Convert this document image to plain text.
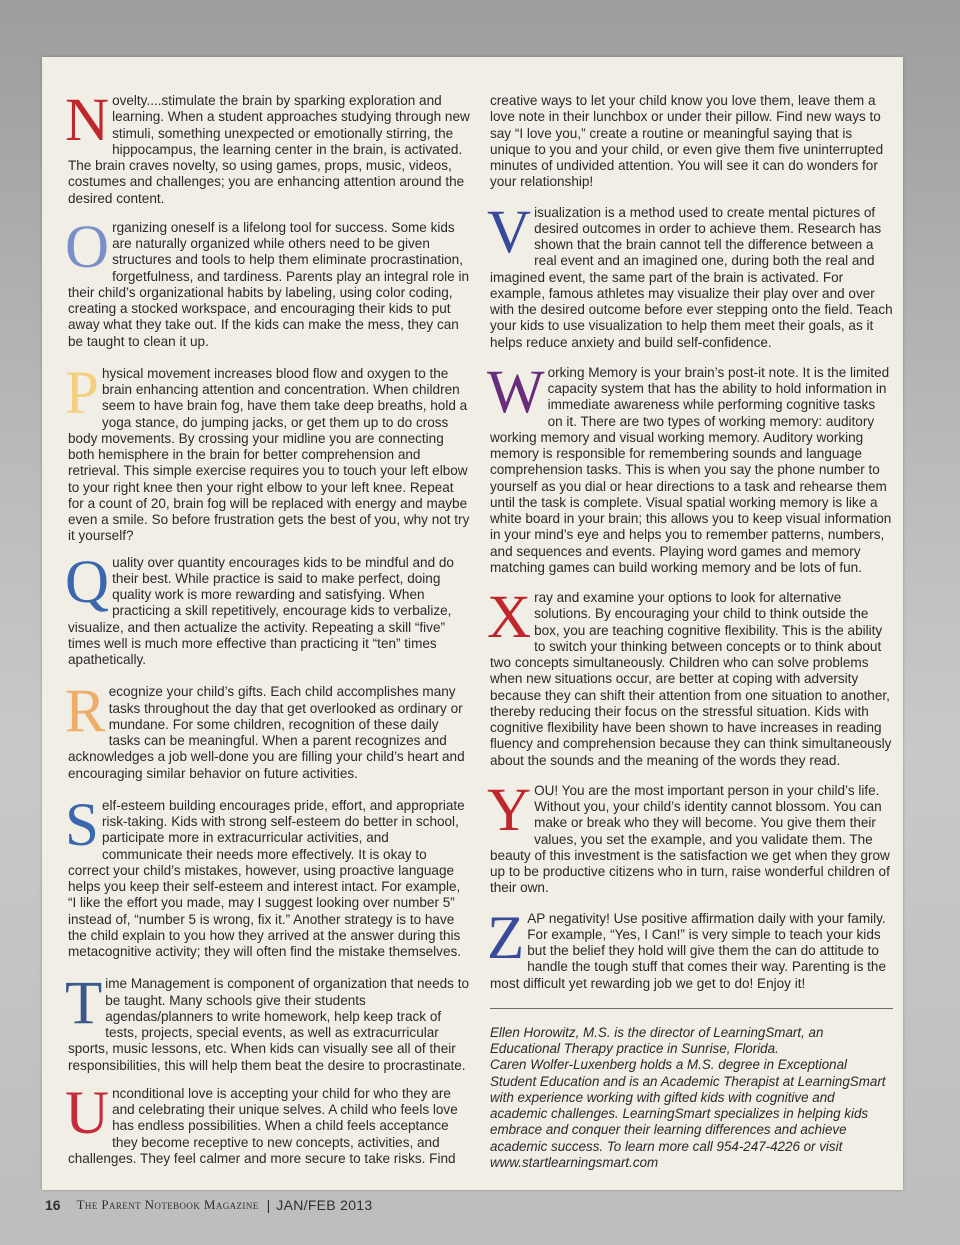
N ovelty....stimulate the brain by sparking exploration and learning. When a student approaches studying through new stimuli, something unexpected or emotionally stirring, the hippocampus, the learning center in the brain, is activated. The brain craves novelty, so using games, props, music, videos, costumes and challenges; you are enhancing attention around the desired content.

O rganizing oneself is a lifelong tool for success. Some kids are naturally organized while others need to be given structures and tools to help them eliminate procrastination, forgetfulness, and tardiness. Parents play an integral role in their child’s organizational habits by labeling, using color coding, creating a stocked workspace, and encouraging their kids to put away what they take out. If the kids can make the mess, they can be taught to clean it up.

P hysical movement increases blood flow and oxygen to the brain enhancing attention and concentration. When children seem to have brain fog, have them take deep breaths, hold a yoga stance, do jumping jacks, or get them up to do cross body movements. By crossing your midline you are connecting both hemisphere in the brain for better comprehension and retrieval. This simple exercise requires you to touch your left elbow to your right knee then your right elbow to your left knee. Repeat for a count of 20, brain fog will be replaced with energy and maybe even a smile. So before frustration gets the best of you, why not try it yourself?

Q uality over quantity encourages kids to be mindful and do their best. While practice is said to make perfect, doing quality work is more rewarding and satisfying. When practicing a skill repetitively, encourage kids to verbalize, visualize, and then actualize the activity. Repeating a skill “five” times well is much more effective than practicing it “ten” times apathetically.

R ecognize your child’s gifts. Each child accomplishes many tasks throughout the day that get overlooked as ordinary or mundane. For some children, recognition of these daily tasks can be meaningful. When a parent recognizes and acknowledges a job well-done you are filling your child’s heart and encouraging similar behavior on future activities.

S elf-esteem building encourages pride, effort, and appropriate risk-taking. Kids with strong self-esteem do better in school, participate more in extracurricular activities, and communicate their needs more effectively. It is okay to correct your child’s mistakes, however, using proactive language helps you keep their self-esteem and interest intact. For example, “I like the effort you made, may I suggest looking over number 5” instead of, “number 5 is wrong, fix it.” Another strategy is to have the child explain to you how they arrived at the answer during this metacognitive activity; they will often find the mistake themselves.

T ime Management is component of organization that needs to be taught. Many schools give their students agendas/planners to write homework, help keep track of tests, projects, special events, as well as extracurricular sports, music lessons, etc. When kids can visually see all of their responsibilities, this will help them beat the desire to procrastinate.

U nconditional love is accepting your child for who they are and celebrating their unique selves. A child who feels love has endless possibilities. When a child feels acceptance they become receptive to new concepts, activities, and challenges. They feel calmer and more secure to take risks. Find

creative ways to let your child know you love them, leave them a love note in their lunchbox or under their pillow. Find new ways to say “I love you,” create a routine or meaningful saying that is unique to you and your child, or even give them five uninterrupted minutes of undivided attention. You will see it can do wonders for your relationship!

V isualization is a method used to create mental pictures of desired outcomes in order to achieve them. Research has shown that the brain cannot tell the difference between a real event and an imagined one, during both the real and imagined event, the same part of the brain is activated. For example, famous athletes may visualize their play over and over with the desired outcome before ever stepping onto the field. Teach your kids to use visualization to help them meet their goals, as it helps reduce anxiety and build self-confidence.

W orking Memory is your brain’s post-it note. It is the limited capacity system that has the ability to hold information in immediate awareness while performing cognitive tasks on it. There are two types of working memory: auditory working memory and visual working memory. Auditory working memory is responsible for remembering sounds and language comprehension tasks. This is when you say the phone number to yourself as you dial or hear directions to a task and rehearse them until the task is complete. Visual spatial working memory is like a white board in your brain; this allows you to keep visual information in your mind’s eye and helps you to remember patterns, numbers, and sequences and events. Playing word games and memory matching games can build working memory and be lots of fun.

X ray and examine your options to look for alternative solutions. By encouraging your child to think outside the box, you are teaching cognitive flexibility. This is the ability to switch your thinking between concepts or to think about two concepts simultaneously. Children who can solve problems when new situations occur, are better at coping with adversity because they can shift their attention from one situation to another, thereby reducing their focus on the stressful situation. Kids with cognitive flexibility have been shown to have increases in reading fluency and comprehension because they can think simultaneously about the sounds and the meaning of the words they read.

Y OU! You are the most important person in your child’s life. Without you, your child’s identity cannot blossom. You can make or break who they will become. You give them their values, you set the example, and you validate them. The beauty of this investment is the satisfaction we get when they grow up to be productive citizens who in turn, raise wonderful children of their own.

Z AP negativity! Use positive affirmation daily with your family. For example, “Yes, I Can!” is very simple to teach your kids but the belief they hold will give them the can do attitude to handle the tough stuff that comes their way. Parenting is the most difficult yet rewarding job we get to do! Enjoy it!

Ellen Horowitz, M.S. is the director of LearningSmart, an Educational Therapy practice in Sunrise, Florida.

Caren Wolfer-Luxenberg holds a M.S. degree in Exceptional Student Education and is an Academic Therapist at LearningSmart with experience working with gifted kids with cognitive and academic challenges. LearningSmart specializes in helping kids embrace and conquer their learning differences and achieve academic success. To learn more call 954-247-4226 or visit www.startlearningsmart.com

16 The Parent Notebook Magazine | JAN/FEB 2013
